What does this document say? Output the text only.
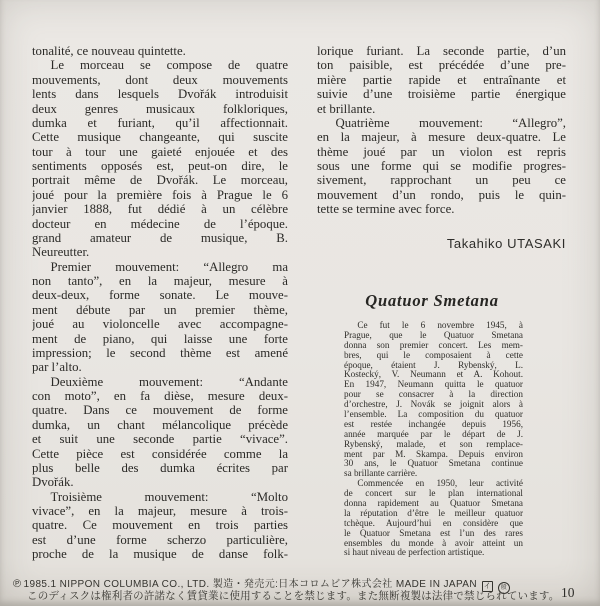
tonalité, ce nouveau quintette.
Le morceau se compose de quatre
mouvements, dont deux mouvements
lents dans lesquels Dvořák introduisit
deux genres musicaux folkloriques,
dumka et furiant, qu’il affectionnait.
Cette musique changeante, qui suscite
tour à tour une gaieté enjouée et des
sentiments opposés est, peut-on dire, le
portrait même de Dvořák. Le morceau,
joué pour la première fois à Prague le 6
janvier 1888, fut dédié à un célèbre
docteur en médecine de l’époque.
grand amateur de musique, B.
Neureutter.
Premier mouvement: “Allegro ma
non tanto”, en la majeur, mesure à
deux-deux, forme sonate. Le mouve-
ment débute par un premier thème,
joué au violoncelle avec accompagne-
ment de piano, qui laisse une forte
impression; le second thème est amené
par l’alto.
Deuxième mouvement: “Andante
con moto”, en fa dièse, mesure deux-
quatre. Dans ce mouvement de forme
dumka, un chant mélancolique précède
et suit une seconde partie “vivace”.
Cette pièce est considérée comme la
plus belle des dumka écrites par
Dvořák.
Troisième mouvement: “Molto
vivace”, en la majeur, mesure à trois-
quatre. Ce mouvement en trois parties
est d’une forme scherzo particulière,
proche de la musique de danse folk-
lorique furiant. La seconde partie, d’un
ton paisible, est précédée d’une pre-
mière partie rapide et entraînante et
suivie d’une troisième partie énergique
et brillante.
Quatrième mouvement: “Allegro”,
en la majeur, à mesure deux-quatre. Le
thème joué par un violon est repris
sous une forme qui se modifie progres-
sivement, rapprochant un peu ce
mouvement d’un rondo, puis le quin-
tette se termine avec force.
Takahiko UTASAKI
Quatuor Smetana
Ce fut le 6 novembre 1945, à
Prague, que le Quatuor Smetana
donna son premier concert. Les mem-
bres, qui le composaient à cette
époque, étaient J. Rybenský, L.
Kostecký, V. Neumann et A. Kohout.
En 1947, Neumann quitta le quatuor
pour se consacrer à la direction
d’orchestre, J. Novák se joignit alors à
l’ensemble. La composition du quatuor
est restée inchangée depuis 1956,
année marquée par le départ de J.
Rybenský, malade, et son remplace-
ment par M. Škampa. Depuis environ
30 ans, le Quatuor Smetana continue
sa brillante carrière.
Commencée en 1950, leur activité
de concert sur le plan international
donna rapidement au Quatuor Smetana
la réputation d’être le meilleur quatuor
tchèque. Aujourd’hui en considère que
le Quatuor Smetana est l’un des rares
ensembles du monde à avoir atteint un
si haut niveau de perfection artistique.
℗ 1985.1 NIPPON COLUMBIA CO., LTD. 製造・発売元:日本コロムビア株式会社 MADE IN JAPAN イ 般
このディスクは権利者の許諾なく賃貸業に使用することを禁じます。また無断複製は法律で禁じられています。 10
